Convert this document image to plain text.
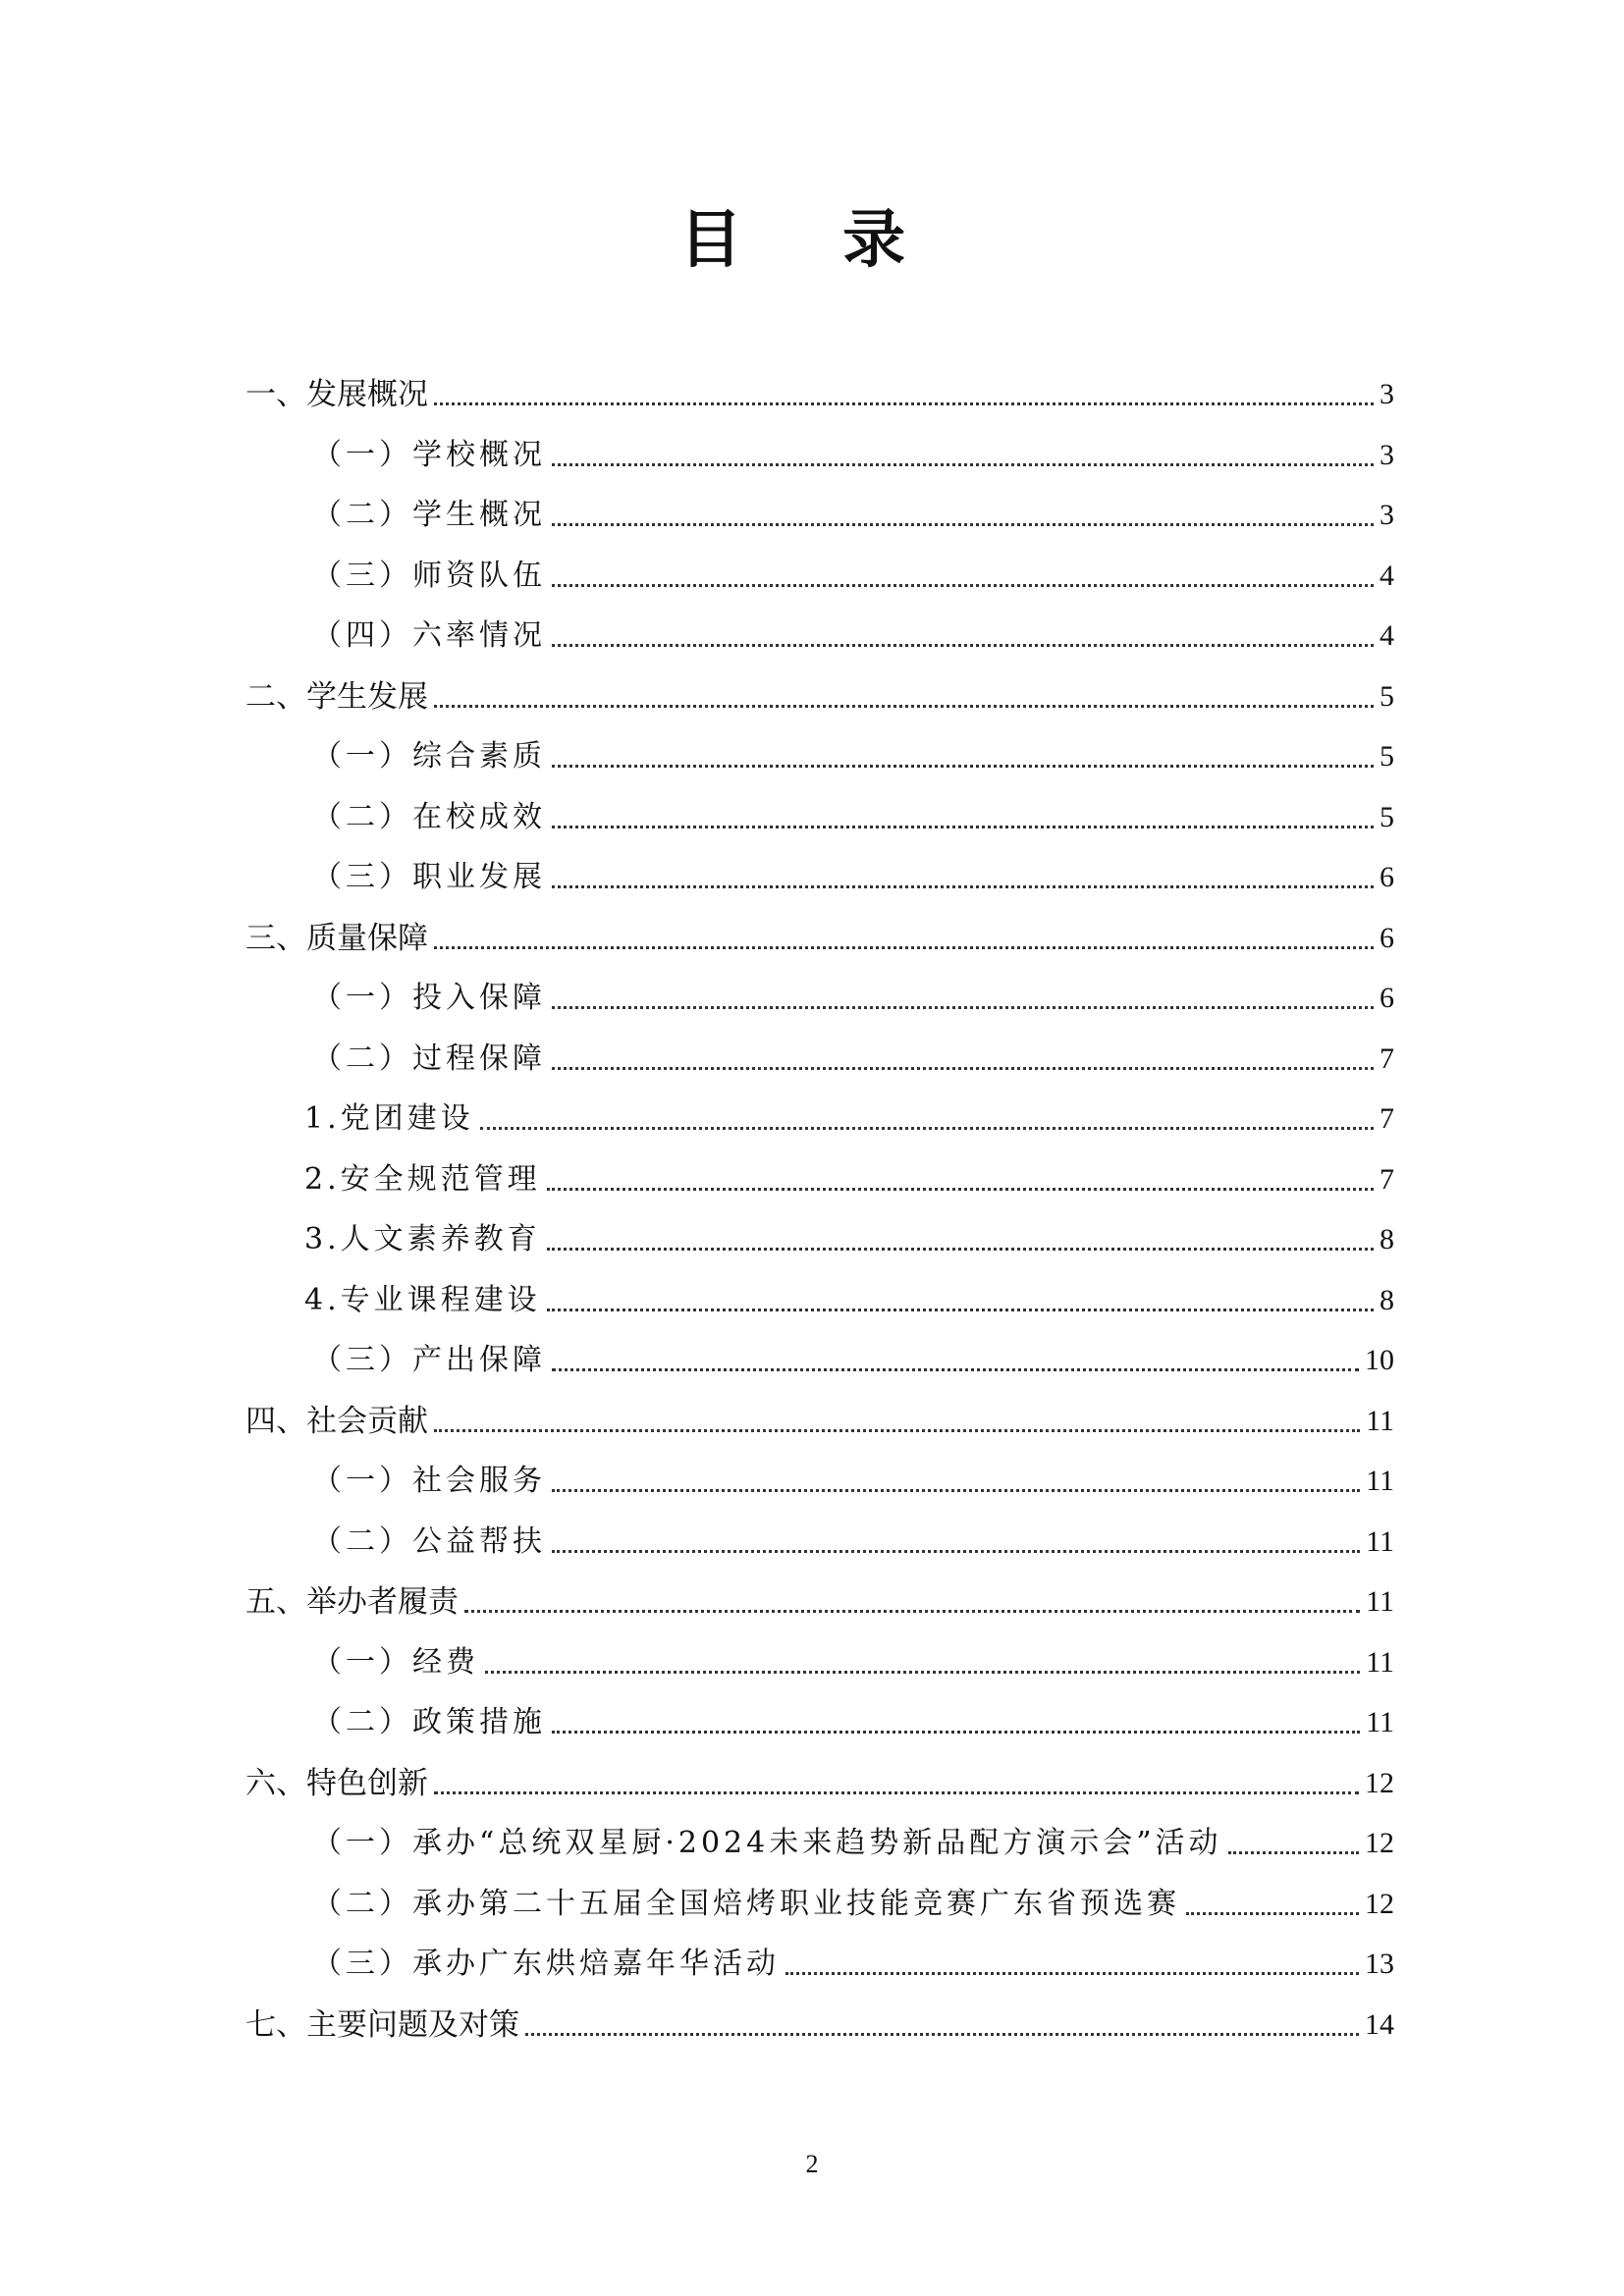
目 录
一、发展概况	3
（一）学校概况	3
（二）学生概况	3
（三）师资队伍	4
（四）六率情况	4
二、学生发展	5
（一）综合素质	5
（二）在校成效	5
（三）职业发展	6
三、质量保障	6
（一）投入保障	6
（二）过程保障	7
1.党团建设	7
2.安全规范管理	7
3.人文素养教育	8
4.专业课程建设	8
（三）产出保障	10
四、社会贡献	11
（一）社会服务	11
（二）公益帮扶	11
五、举办者履责	11
（一）经费	11
（二）政策措施	11
六、特色创新	12
（一）承办“总统双星厨·2024未来趋势新品配方演示会”活动	12
（二）承办第二十五届全国焙烤职业技能竞赛广东省预选赛	12
（三）承办广东烘焙嘉年华活动	13
七、主要问题及对策	14
2
